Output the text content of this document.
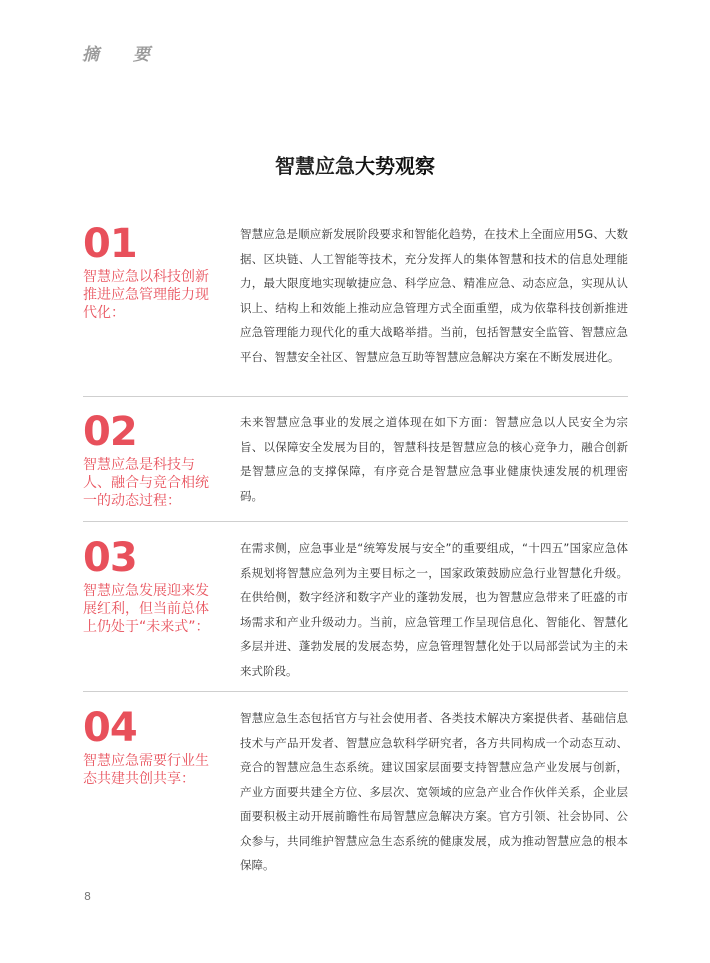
摘 要
智慧应急大势观察
01
智慧应急以科技创新推进应急管理能力现代化：
智慧应急是顺应新发展阶段要求和智能化趋势，在技术上全面应用5G、大数据、区块链、人工智能等技术，充分发挥人的集体智慧和技术的信息处理能力，最大限度地实现敏捷应急、科学应急、精准应急、动态应急，实现从认识上、结构上和效能上推动应急管理方式全面重塑，成为依靠科技创新推进应急管理能力现代化的重大战略举措。当前，包括智慧安全监管、智慧应急平台、智慧安全社区、智慧应急互助等智慧应急解决方案在不断发展进化。
02
智慧应急是科技与人、融合与竞合相统一的动态过程：
未来智慧应急事业的发展之道体现在如下方面：智慧应急以人民安全为宗旨、以保障安全发展为目的，智慧科技是智慧应急的核心竞争力，融合创新是智慧应急的支撑保障，有序竞合是智慧应急事业健康快速发展的机理密码。
03
智慧应急发展迎来发展红利，但当前总体上仍处于“未来式”：
在需求侧，应急事业是“统筹发展与安全”的重要组成，“十四五”国家应急体系规划将智慧应急列为主要目标之一，国家政策鼓励应急行业智慧化升级。在供给侧，数字经济和数字产业的蓬勃发展，也为智慧应急带来了旺盛的市场需求和产业升级动力。当前，应急管理工作呈现信息化、智能化、智慧化多层并进、蓬勃发展的发展态势，应急管理智慧化处于以局部尝试为主的未来式阶段。
04
智慧应急需要行业生态共建共创共享：
智慧应急生态包括官方与社会使用者、各类技术解决方案提供者、基础信息技术与产品开发者、智慧应急软科学研究者，各方共同构成一个动态互动、竞合的智慧应急生态系统。建议国家层面要支持智慧应急产业发展与创新，产业方面要共建全方位、多层次、宽领域的应急产业合作伙伴关系，企业层面要积极主动开展前瞻性布局智慧应急解决方案。官方引领、社会协同、公众参与，共同维护智慧应急生态系统的健康发展，成为推动智慧应急的根本保障。
8
